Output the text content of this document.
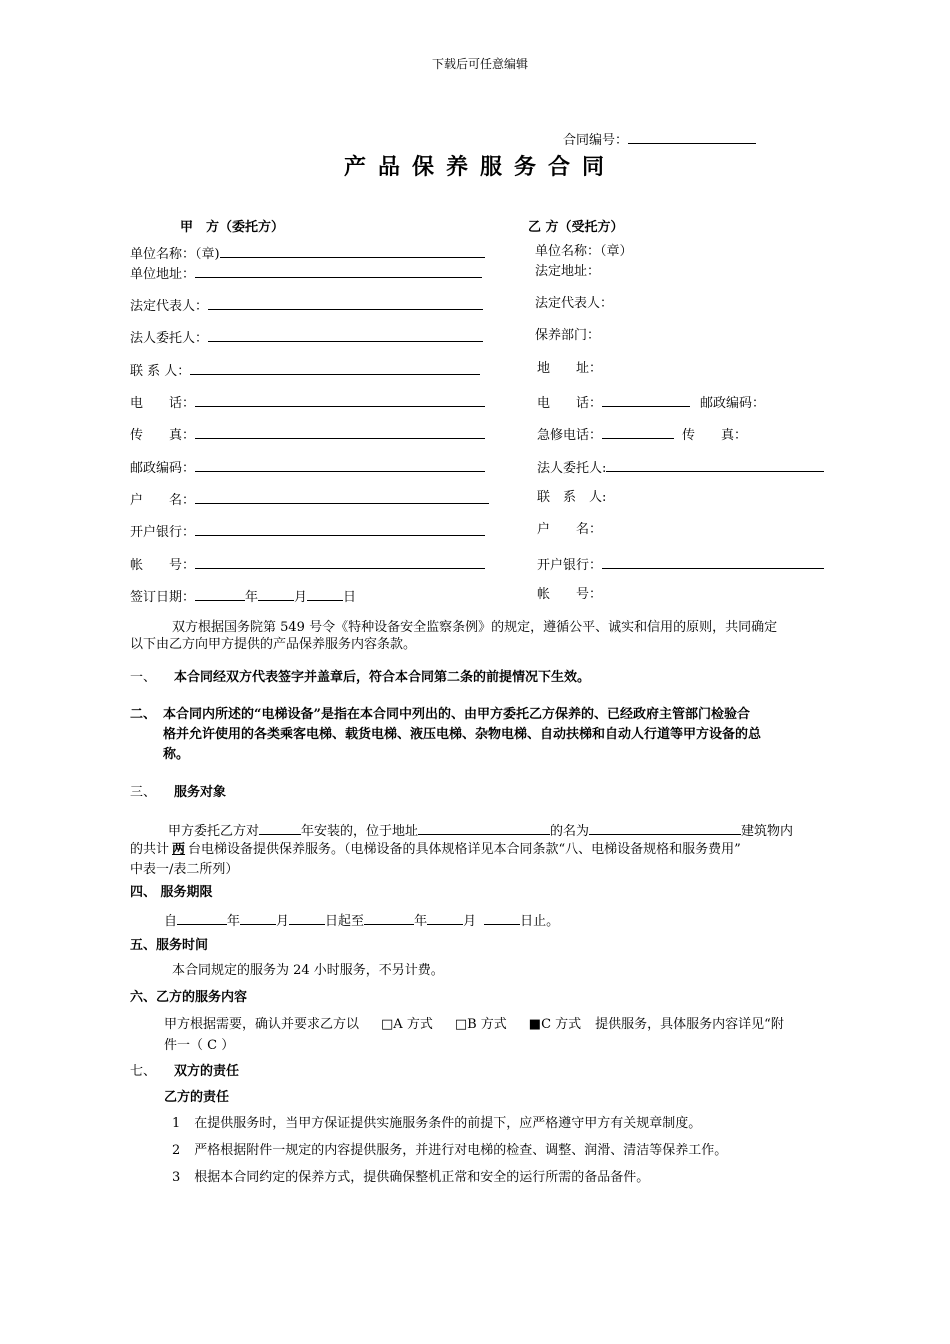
下载后可任意编辑
合同编号：
产品保养服务合同
甲　方（委托方）
单位名称：（章)
单位地址：
法定代表人：
法人委托人：
联 系 人：
电　　话：
传　　真：
邮政编码：
户　　名：
开户银行：
帐　　号：
签订日期：	年	月	日
乙 方（受托方）
单位名称：（章）
法定地址：
法定代表人：
保养部门：
地　　址：
电　　话：	邮政编码：
急修电话：	传　　真：
法人委托人:
联　系　人:
户　　名：
开户银行：
帐　　号：
双方根据国务院第 549 号令《特种设备安全监察条例》的规定，遵循公平、诚实和信用的原则，共同确定
以下由乙方向甲方提供的产品保养服务内容条款。
一、 本合同经双方代表签字并盖章后，符合本合同第二条的前提情况下生效。
二、 本合同内所述的“电梯设备”是指在本合同中列出的、由甲方委托乙方保养的、已经政府主管部门检验合
格并允许使用的各类乘客电梯、载货电梯、液压电梯、杂物电梯、自动扶梯和自动人行道等甲方设备的总
称。
三、 服务对象
甲方委托乙方对	年安装的，位于地址	的名为	建筑物内
的共计 两 台电梯设备提供保养服务。（电梯设备的具体规格详见本合同条款“八、电梯设备规格和服务费用”
中表一/表二所列）
四、 服务期限
自	年	月	日起至	年	月	日止。
五、服务时间
本合同规定的服务为 24 小时服务，不另计费。
六、乙方的服务内容
甲方根据需要，确认并要求乙方以 □A 方式 □B 方式 ■C 方式 提供服务，具体服务内容详见“附
件一（ C ）
七、 双方的责任
乙方的责任
1 在提供服务时，当甲方保证提供实施服务条件的前提下，应严格遵守甲方有关规章制度。
2 严格根据附件一规定的内容提供服务，并进行对电梯的检查、调整、润滑、清洁等保养工作。
3 根据本合同约定的保养方式，提供确保整机正常和安全的运行所需的备品备件。
